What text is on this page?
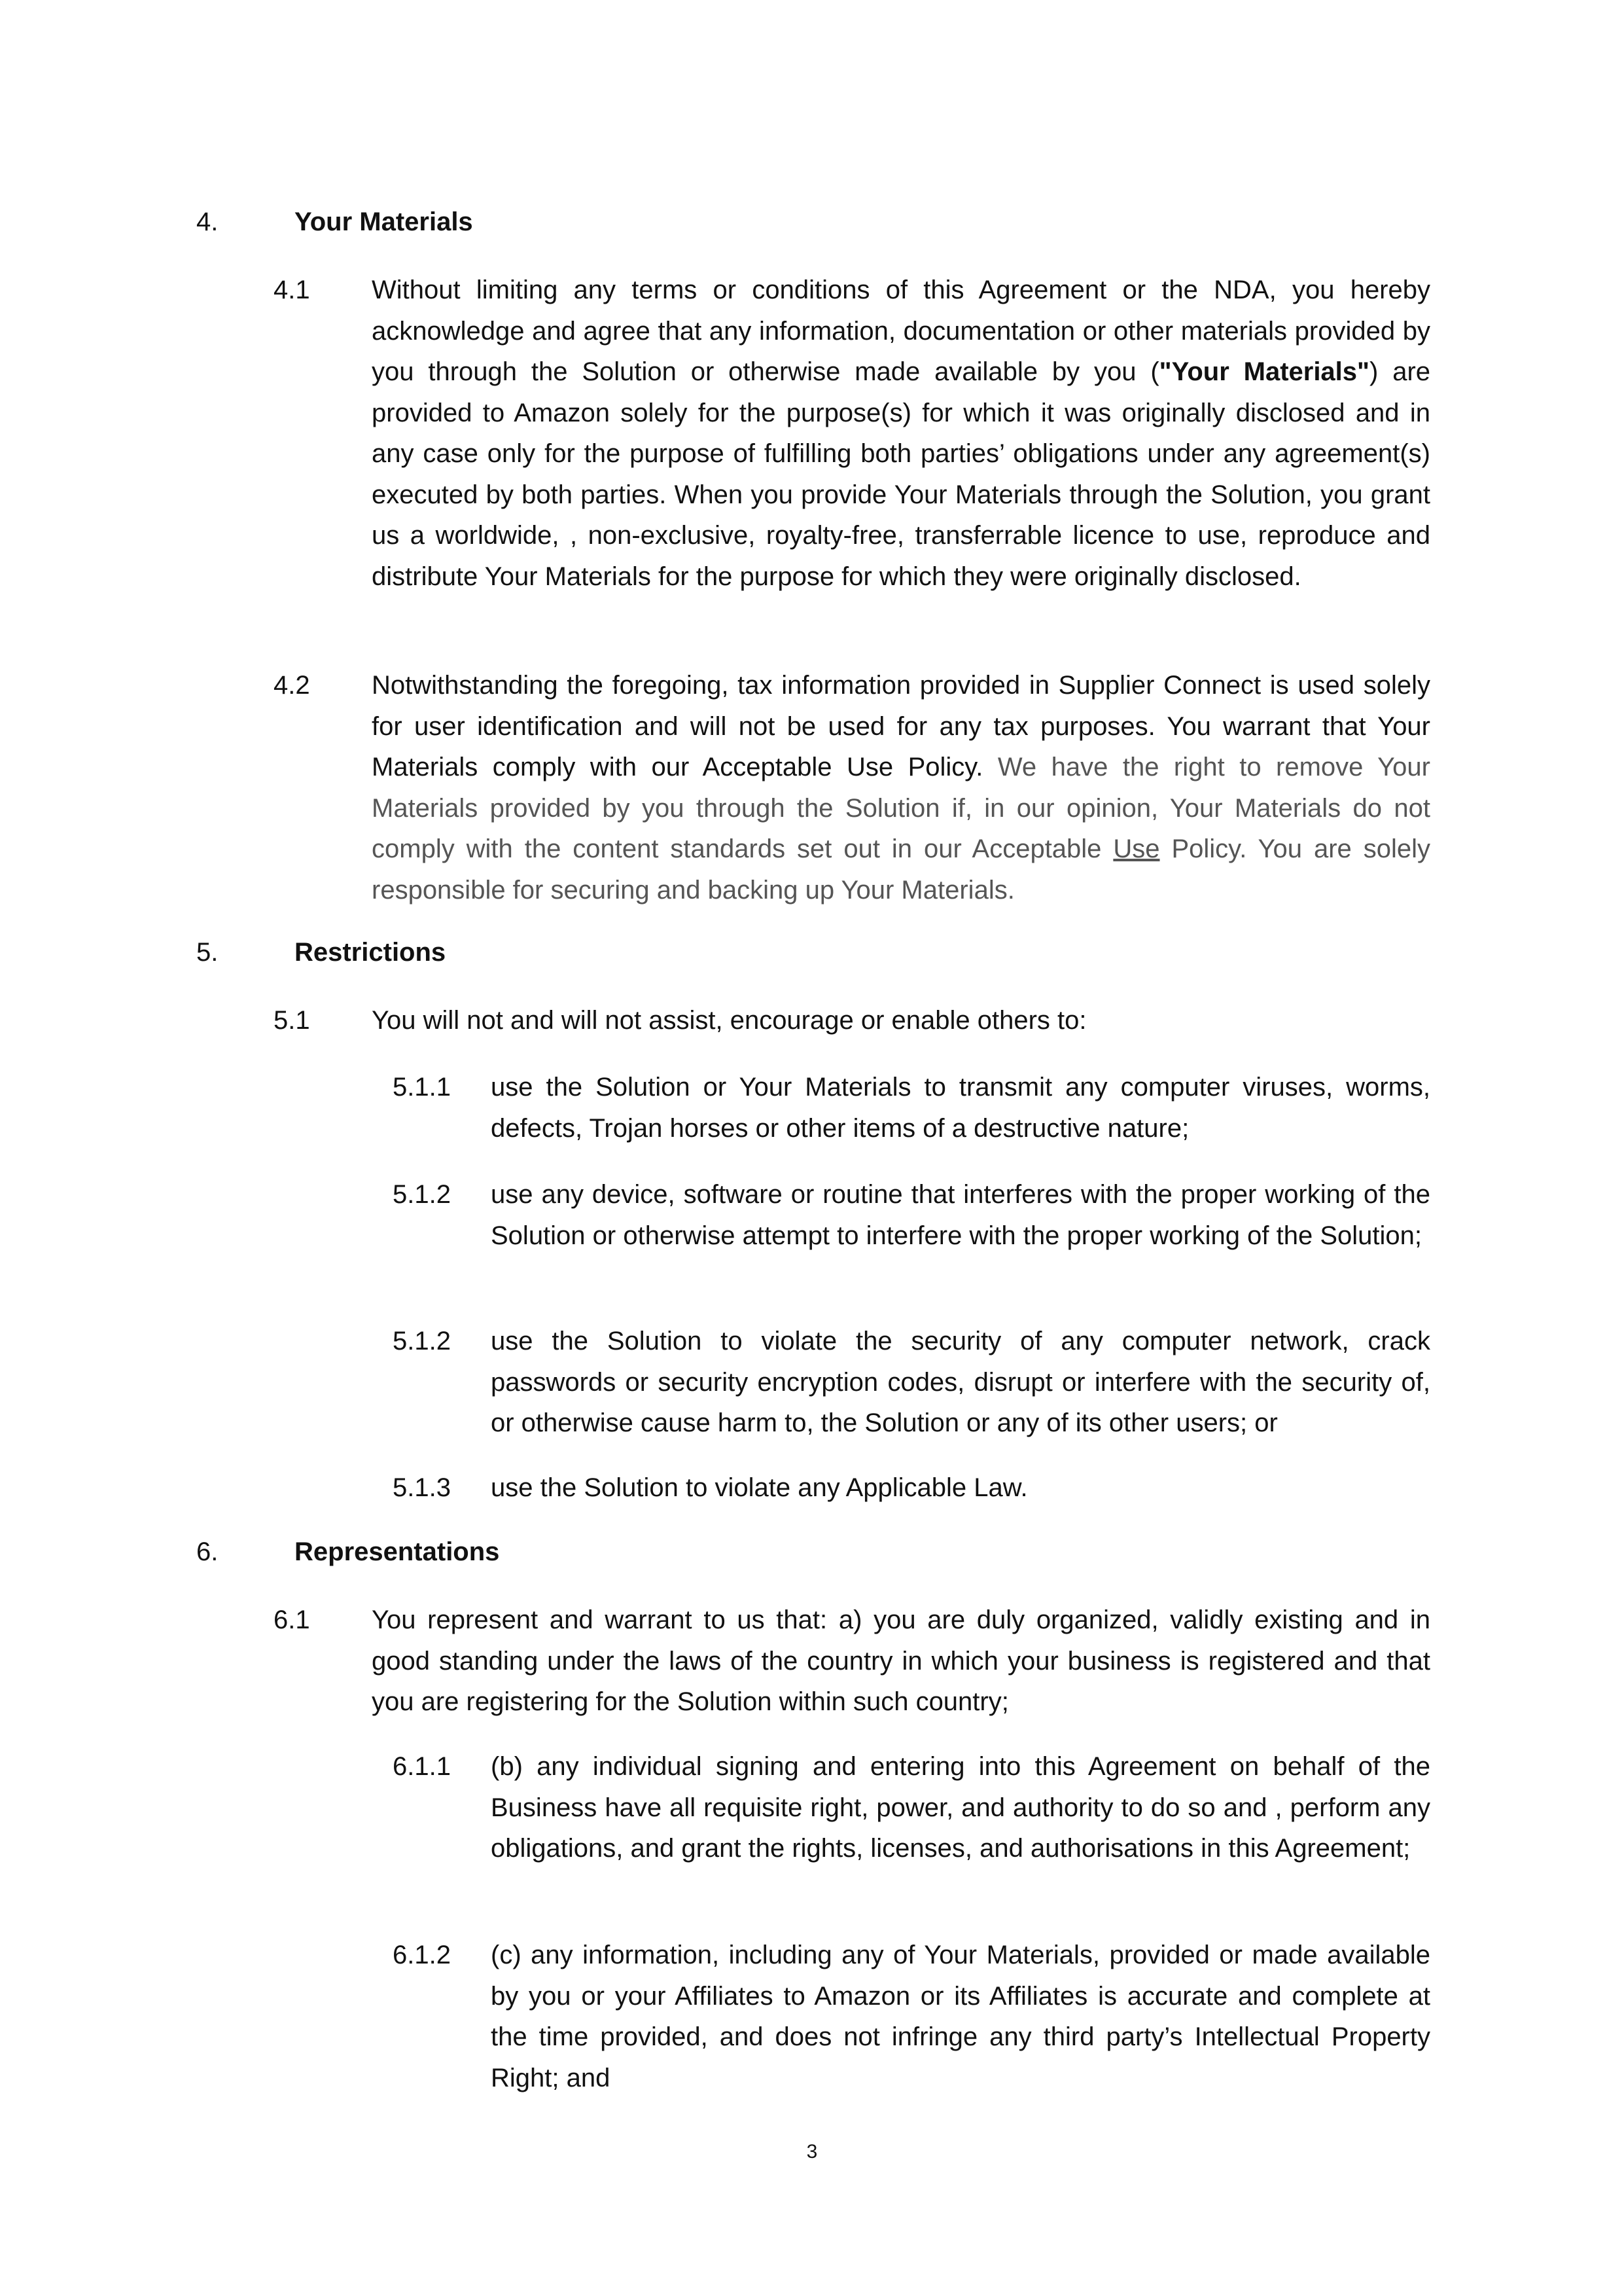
4.	Your Materials
4.1 Without limiting any terms or conditions of this Agreement or the NDA, you hereby acknowledge and agree that any information, documentation or other materials provided by you through the Solution or otherwise made available by you ("Your Materials") are provided to Amazon solely for the purpose(s) for which it was originally disclosed and in any case only for the purpose of fulfilling both parties’ obligations under any agreement(s) executed by both parties. When you provide Your Materials through the Solution, you grant us a worldwide, , non-exclusive, royalty-free, transferrable licence to use, reproduce and distribute Your Materials for the purpose for which they were originally disclosed.
4.2 Notwithstanding the foregoing, tax information provided in Supplier Connect is used solely for user identification and will not be used for any tax purposes. You warrant that Your Materials comply with our Acceptable Use Policy. We have the right to remove Your Materials provided by you through the Solution if, in our opinion, Your Materials do not comply with the content standards set out in our Acceptable Use Policy. You are solely responsible for securing and backing up Your Materials.
5.	Restrictions
5.1 You will not and will not assist, encourage or enable others to:
5.1.1 use the Solution or Your Materials to transmit any computer viruses, worms, defects, Trojan horses or other items of a destructive nature;
5.1.2 use any device, software or routine that interferes with the proper working of the Solution or otherwise attempt to interfere with the proper working of the Solution;
5.1.2 use the Solution to violate the security of any computer network, crack passwords or security encryption codes, disrupt or interfere with the security of, or otherwise cause harm to, the Solution or any of its other users; or
5.1.3 use the Solution to violate any Applicable Law.
6.	Representations
6.1 You represent and warrant to us that: a) you are duly organized, validly existing and in good standing under the laws of the country in which your business is registered and that you are registering for the Solution within such country;
6.1.1 (b) any individual signing and entering into this Agreement on behalf of the Business have all requisite right, power, and authority to do so and , perform any obligations, and grant the rights, licenses, and authorisations in this Agreement;
6.1.2 (c) any information, including any of Your Materials, provided or made available by you or your Affiliates to Amazon or its Affiliates is accurate and complete at the time provided, and does not infringe any third party’s Intellectual Property Right; and
3
